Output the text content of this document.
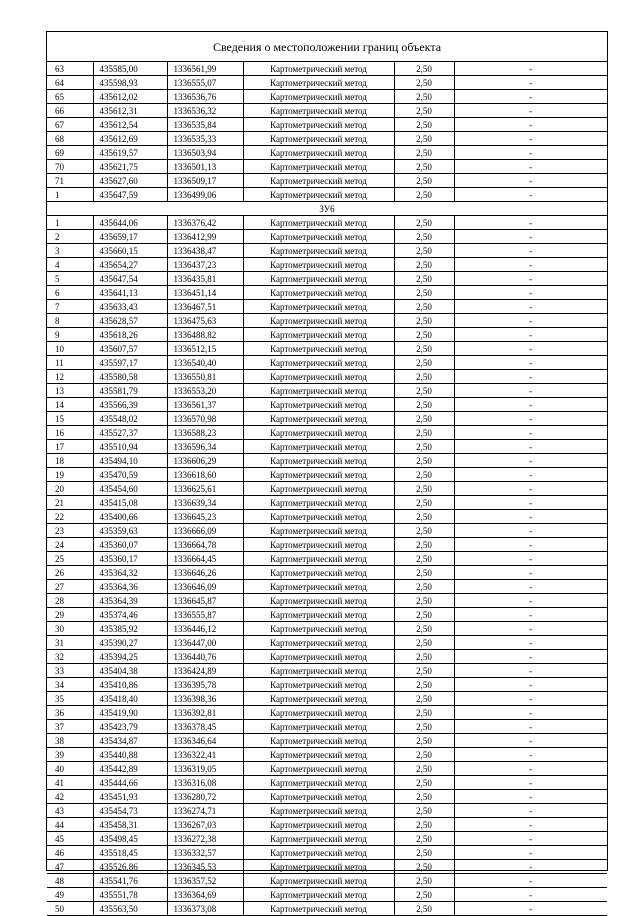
Сведения о местоположении границ объекта
63	435585,00	1336561,99	Картометрический метод	2,50	-
64	435598,93	1336555,07	Картометрический метод	2,50	-
65	435612,02	1336536,76	Картометрический метод	2,50	-
66	435612,31	1336536,32	Картометрический метод	2,50	-
67	435612,54	1336535,84	Картометрический метод	2,50	-
68	435612,69	1336535,33	Картометрический метод	2,50	-
69	435619,57	1336503,94	Картометрический метод	2,50	-
70	435621,75	1336501,13	Картометрический метод	2,50	-
71	435627,60	1336509,17	Картометрический метод	2,50	-
1	435647,59	1336499,06	Картометрический метод	2,50	-
ЗУ6					
1	435644,06	1336376,42	Картометрический метод	2,50	-
2	435659,17	1336412,99	Картометрический метод	2,50	-
3	435660,15	1336438,47	Картометрический метод	2,50	-
4	435654,27	1336437,23	Картометрический метод	2,50	-
5	435647,54	1336435,81	Картометрический метод	2,50	-
6	435641,13	1336451,14	Картометрический метод	2,50	-
7	435633,43	1336467,51	Картометрический метод	2,50	-
8	435628,57	1336475,63	Картометрический метод	2,50	-
9	435618,26	1336488,82	Картометрический метод	2,50	-
10	435607,57	1336512,15	Картометрический метод	2,50	-
11	435597,17	1336540,40	Картометрический метод	2,50	-
12	435580,58	1336550,81	Картометрический метод	2,50	-
13	435581,79	1336553,20	Картометрический метод	2,50	-
14	435566,39	1336561,37	Картометрический метод	2,50	-
15	435548,02	1336570,98	Картометрический метод	2,50	-
16	435527,37	1336588,23	Картометрический метод	2,50	-
17	435510,94	1336596,34	Картометрический метод	2,50	-
18	435494,10	1336606,29	Картометрический метод	2,50	-
19	435470,59	1336618,60	Картометрический метод	2,50	-
20	435454,60	1336625,61	Картометрический метод	2,50	-
21	435415,08	1336639,34	Картометрический метод	2,50	-
22	435400,66	1336645,23	Картометрический метод	2,50	-
23	435359,63	1336666,09	Картометрический метод	2,50	-
24	435360,07	1336664,78	Картометрический метод	2,50	-
25	435360,17	1336664,45	Картометрический метод	2,50	-
26	435364,32	1336646,26	Картометрический метод	2,50	-
27	435364,36	1336646,09	Картометрический метод	2,50	-
28	435364,39	1336645,87	Картометрический метод	2,50	-
29	435374,46	1336555,87	Картометрический метод	2,50	-
30	435385,92	1336446,12	Картометрический метод	2,50	-
31	435390,27	1336447,00	Картометрический метод	2,50	-
32	435394,25	1336440,76	Картометрический метод	2,50	-
33	435404,38	1336424,89	Картометрический метод	2,50	-
34	435410,86	1336395,78	Картометрический метод	2,50	-
35	435418,40	1336398,36	Картометрический метод	2,50	-
36	435419,90	1336392,81	Картометрический метод	2,50	-
37	435423,79	1336378,45	Картометрический метод	2,50	-
38	435434,87	1336346,64	Картометрический метод	2,50	-
39	435440,88	1336322,41	Картометрический метод	2,50	-
40	435442,89	1336319,05	Картометрический метод	2,50	-
41	435444,66	1336316,08	Картометрический метод	2,50	-
42	435451,93	1336280,72	Картометрический метод	2,50	-
43	435454,73	1336274,71	Картометрический метод	2,50	-
44	435458,31	1336267,03	Картометрический метод	2,50	-
45	435498,45	1336272,38	Картометрический метод	2,50	-
46	435518,45	1336332,57	Картометрический метод	2,50	-
47	435526,86	1336345,53	Картометрический метод	2,50	-
48	435541,76	1336357,52	Картометрический метод	2,50	-
49	435551,78	1336364,69	Картометрический метод	2,50	-
50	435563,50	1336373,08	Картометрический метод	2,50	-
